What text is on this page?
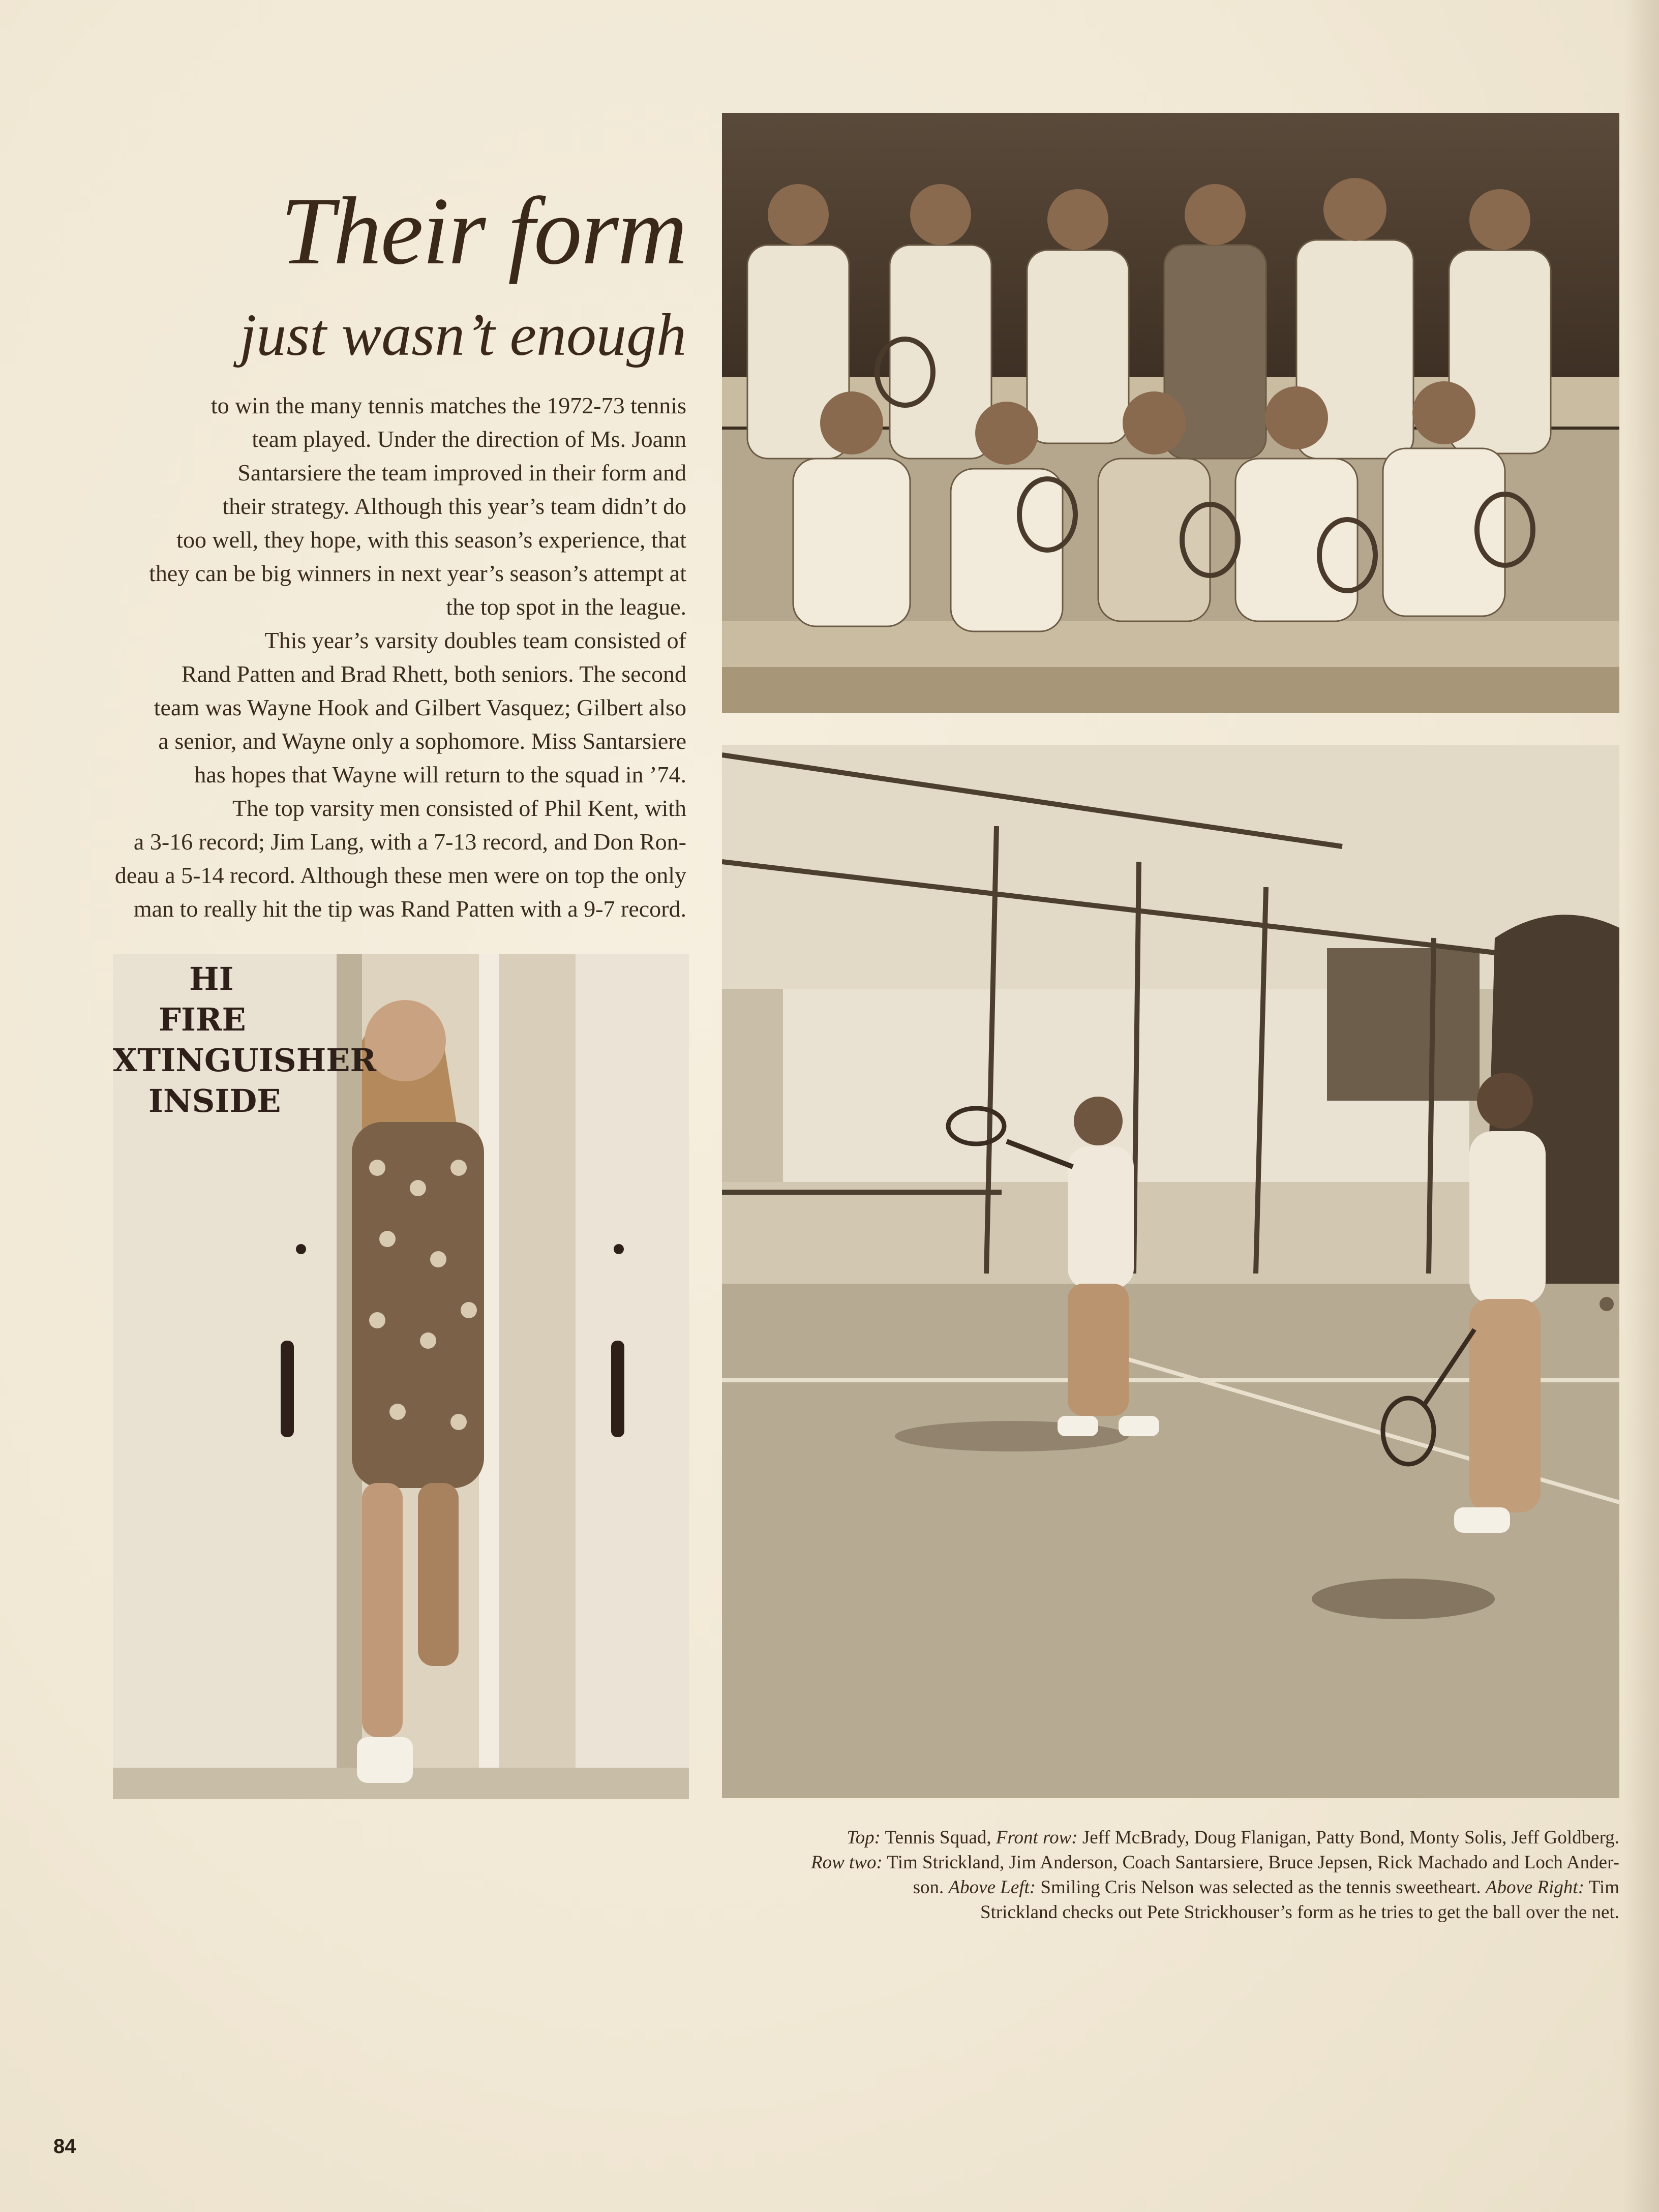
Their form
just wasn’t enough
to win the many tennis matches the 1972-73 tennis
team played. Under the direction of Ms. Joann
Santarsiere the team improved in their form and
their strategy. Although this year’s team didn’t do
too well, they hope, with this season’s experience, that
they can be big winners in next year’s season’s attempt at
the top spot in the league.
This year’s varsity doubles team consisted of
Rand Patten and Brad Rhett, both seniors. The second
team was Wayne Hook and Gilbert Vasquez; Gilbert also
a senior, and Wayne only a sophomore. Miss Santarsiere
has hopes that Wayne will return to the squad in ’74.
The top varsity men consisted of Phil Kent, with
a 3-16 record; Jim Lang, with a 7-13 record, and Don Ron-
deau a 5-14 record. Although these men were on top the only
man to really hit the tip was Rand Patten with a 9-7 record.
HI
FIRE
XTINGUISHER
INSIDE
Top: Tennis Squad, Front row: Jeff McBrady, Doug Flanigan, Patty Bond, Monty Solis, Jeff Goldberg.
Row two: Tim Strickland, Jim Anderson, Coach Santarsiere, Bruce Jepsen, Rick Machado and Loch Ander-
son. Above Left: Smiling Cris Nelson was selected as the tennis sweetheart. Above Right: Tim
Strickland checks out Pete Strickhouser’s form as he tries to get the ball over the net.
84
